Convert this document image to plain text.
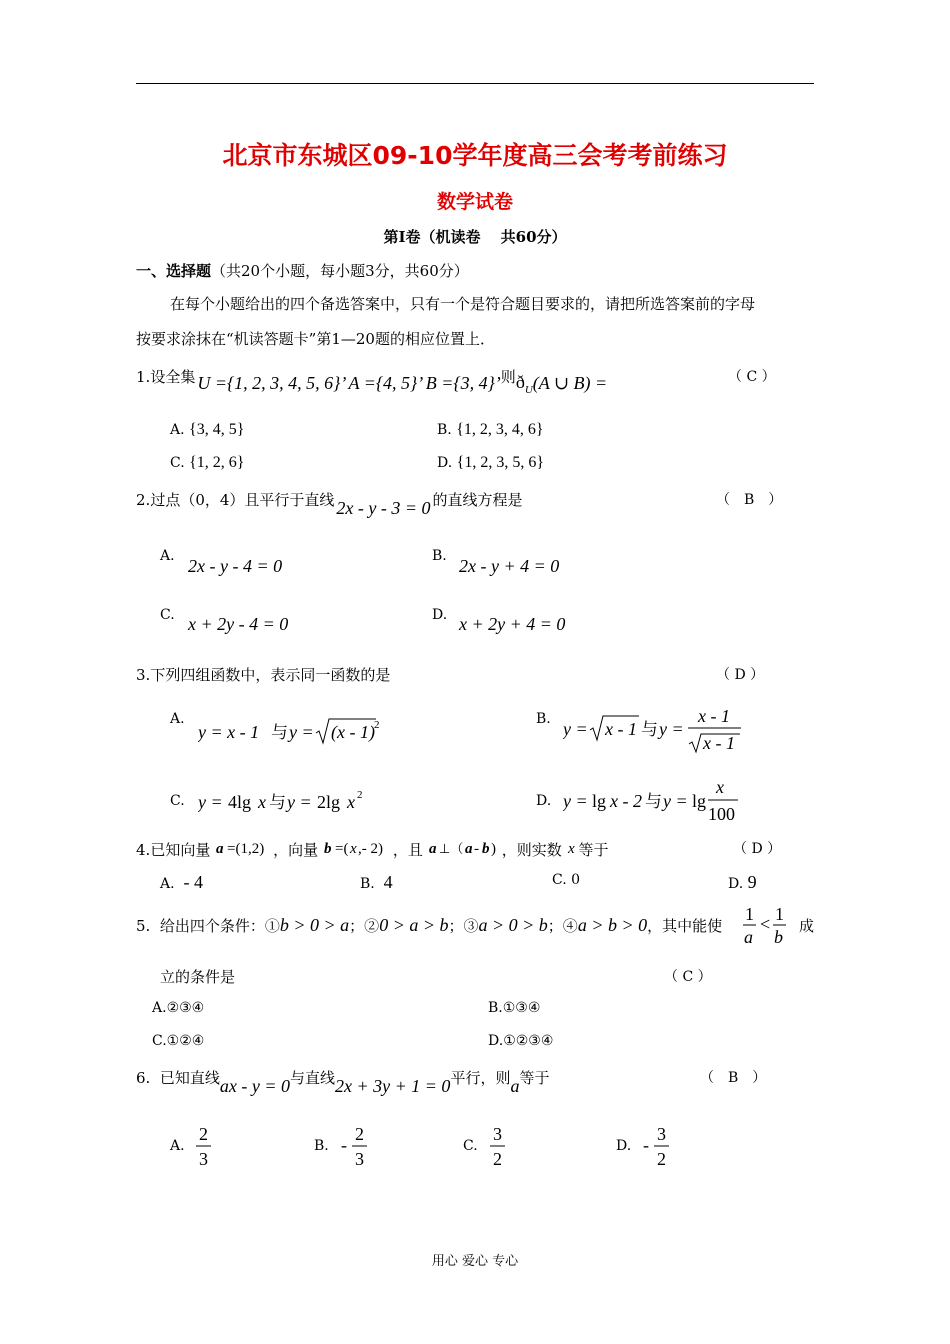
北京市东城区09-10学年度高三会考考前练习
数学试卷
第Ⅰ卷（机读卷　 共60分）
一、选择题（共20个小题，每小题3分，共60分）
在每个小题给出的四个备选答案中，只有一个是符合题目要求的，请把所选答案前的字母
按要求涂抹在“机读答题卡”第1—20题的相应位置上．
1.设全集 U ={1, 2, 3, 4, 5, 6}’ A ={4, 5}’ B ={3, 4}’则$ð_U(A$ ∪ B) =	（ C ）
A. {3, 4, 5}	B. {1, 2, 3, 4, 6}
C. {1, 2, 6}	D. {1, 2, 3, 5, 6}
2.过点（0，4）且平行于直线 2x - y - 3 = 0 的直线方程是	（　B　）
A. 2x - y - 4 = 0	B. 2x - y + 4 = 0
C. x + 2y - 4 = 0	D. x + 2y + 4 = 0
3.下列四组函数中，表示同一函数的是	（ D ）
A.
y = x - 1 与 y = (x - 1) 2	B. y = x - 1 与 y =
x - 1
x - 1
C. y = 4lg x 与 y = 2lg x 2	D. y = lg x - 2 与 y = lg
x
100
4.已知向量 a =(1,2) ，向量 b =( x ,- 2) ，且 a ⊥（ a - b ) ，则实数 x 等于	（ D ）
A. - 4	B. 4	C. 0	D. 9
5. 给出四个条件：①b > 0 > a；②0 > a > b；③a > 0 > b；④a > b > 0，其中能使
1
a
< 1
b
成
立的条件是	（ C ）
A.②③④	B.①③④
C.①②④	D.①②③④
6. 已知直线ax - y = 0与直线2x + 3y + 1 = 0平行，则a等于	（　B　）
A.
2
3
B. -
2
3
C.
3
2
D. -
3
2
用心 爱心 专心
